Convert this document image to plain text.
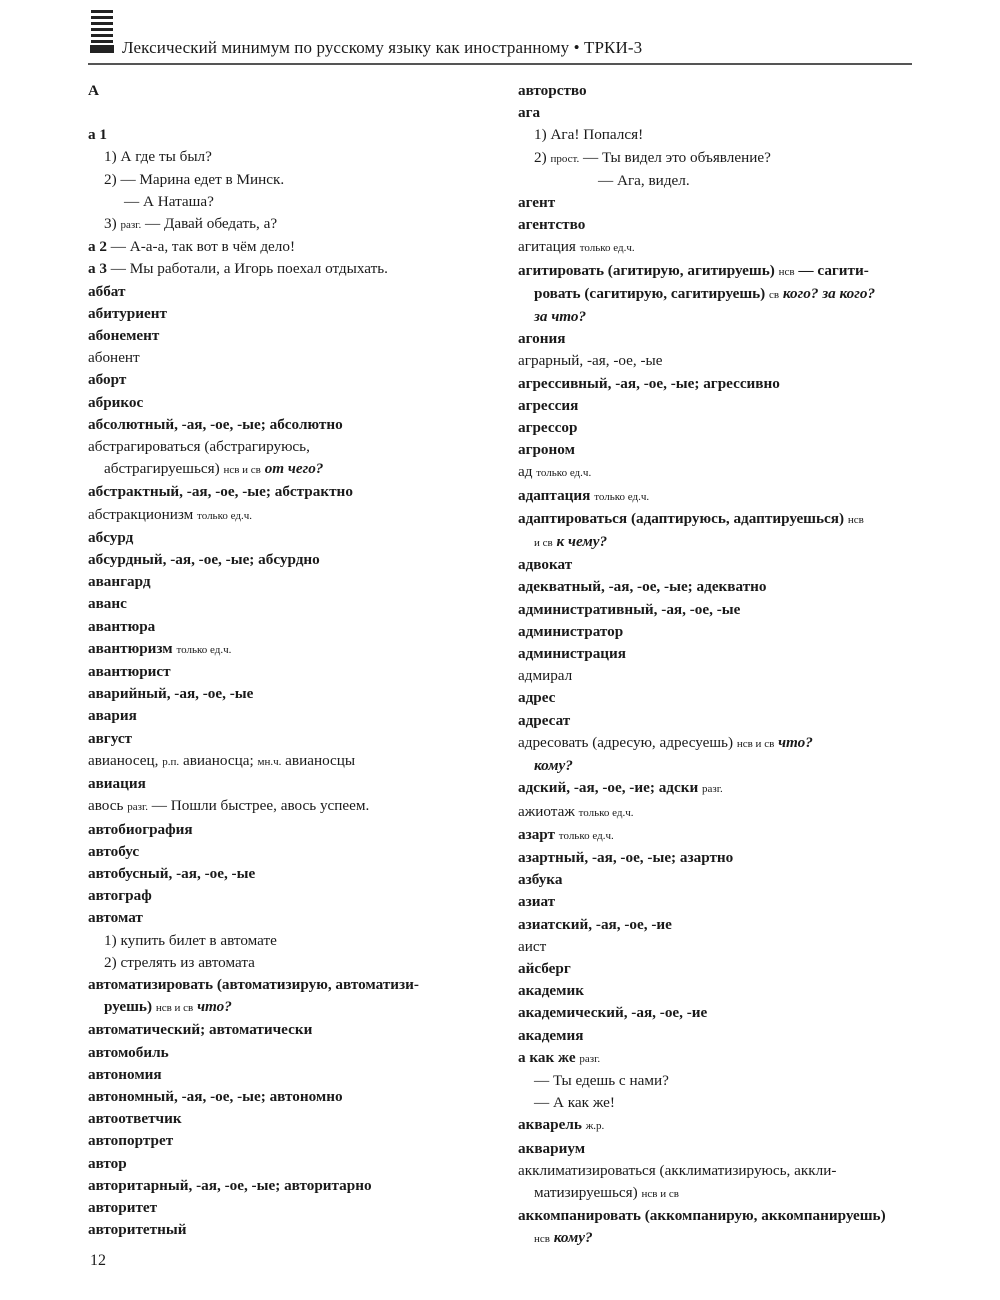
Лексический минимум по русскому языку как иностранному • ТРКИ-3
А
а 1
1) А где ты был?
2) — Марина едет в Минск.
— А Наташа?
3) разг. — Давай обедать, а?
а 2 — А-а-а, так вот в чём дело!
а 3 — Мы работали, а Игорь поехал отдыхать.
аббат
абитуриент
абонемент
абонент
аборт
абрикос
абсолютный, -ая, -ое, -ые; абсолютно
абстрагироваться (абстрагируюсь,
абстрагируешься) нсв и св от чего?
абстрактный, -ая, -ое, -ые; абстрактно
абстракционизм только ед.ч.
абсурд
абсурдный, -ая, -ое, -ые; абсурдно
авангард
аванс
авантюра
авантюризм только ед.ч.
авантюрист
аварийный, -ая, -ое, -ые
авария
август
авианосец, р.п. авианосца; мн.ч. авианосцы
авиация
авось разг. — Пошли быстрее, авось успеем.
автобиография
автобус
автобусный, -ая, -ое, -ые
автограф
автомат
1) купить билет в автомате
2) стрелять из автомата
автоматизировать (автоматизирую, автоматизи-
руешь) нсв и св что?
автоматический; автоматически
автомобиль
автономия
автономный, -ая, -ое, -ые; автономно
автоответчик
автопортрет
автор
авторитарный, -ая, -ое, -ые; авторитарно
авторитет
авторитетный
авторство
ага
1) Ага! Попался!
2) прост. — Ты видел это объявление?
— Ага, видел.
агент
агентство
агитация только ед.ч.
агитировать (агитирую, агитируешь) нсв — сагити-
ровать (сагитирую, сагитируешь) св кого? за кого?
за что?
агония
аграрный, -ая, -ое, -ые
агрессивный, -ая, -ое, -ые; агрессивно
агрессия
агрессор
агроном
ад только ед.ч.
адаптация только ед.ч.
адаптироваться (адаптируюсь, адаптируешься) нсв
и св к чему?
адвокат
адекватный, -ая, -ое, -ые; адекватно
административный, -ая, -ое, -ые
администратор
администрация
адмирал
адрес
адресат
адресовать (адресую, адресуешь) нсв и св что?
кому?
адский, -ая, -ое, -ие; адски разг.
ажиотаж только ед.ч.
азарт только ед.ч.
азартный, -ая, -ое, -ые; азартно
азбука
азиат
азиатский, -ая, -ое, -ие
аист
айсберг
академик
академический, -ая, -ое, -ие
академия
а как же разг.
— Ты едешь с нами?
— А как же!
акварель ж.р.
аквариум
акклиматизироваться (акклиматизируюсь, аккли-
матизируешься) нсв и св
аккомпанировать (аккомпанирую, аккомпанируешь)
нсв кому?
12
